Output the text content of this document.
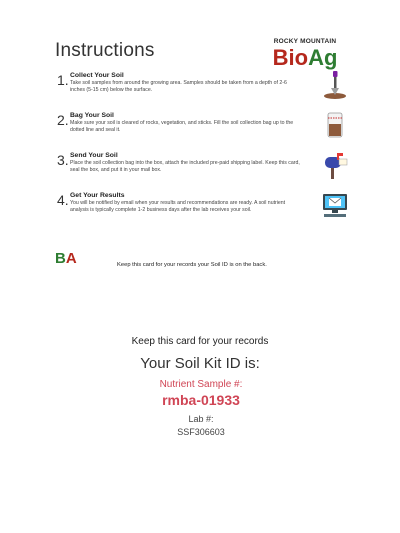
Instructions	ROCKY MOUNTAIN
BioAg
1. Collect Your Soil
Take soil samples from around the growing area. Samples should be taken from a depth of 2-6 inches (5-15 cm) below the surface.
2. Bag Your Soil
Make sure your soil is cleared of rocks, vegetation, and sticks. Fill the soil collection bag up to the dotted line and seal it.
3. Send Your Soil
Place the soil collection bag into the box, attach the included pre-paid shipping label. Keep this card, seal the box, and put it in your mail box.
4. Get Your Results
You will be notified by email when your results and recommendations are ready. A soil nutrient analysis is typically complete 1-2 business days after the lab receives your soil.
BA	Keep this card for your records your Soil ID is on the back.
Keep this card for your records
Your Soil Kit ID is:
Nutrient Sample #:
rmba-01933
Lab #:
SSF306603
